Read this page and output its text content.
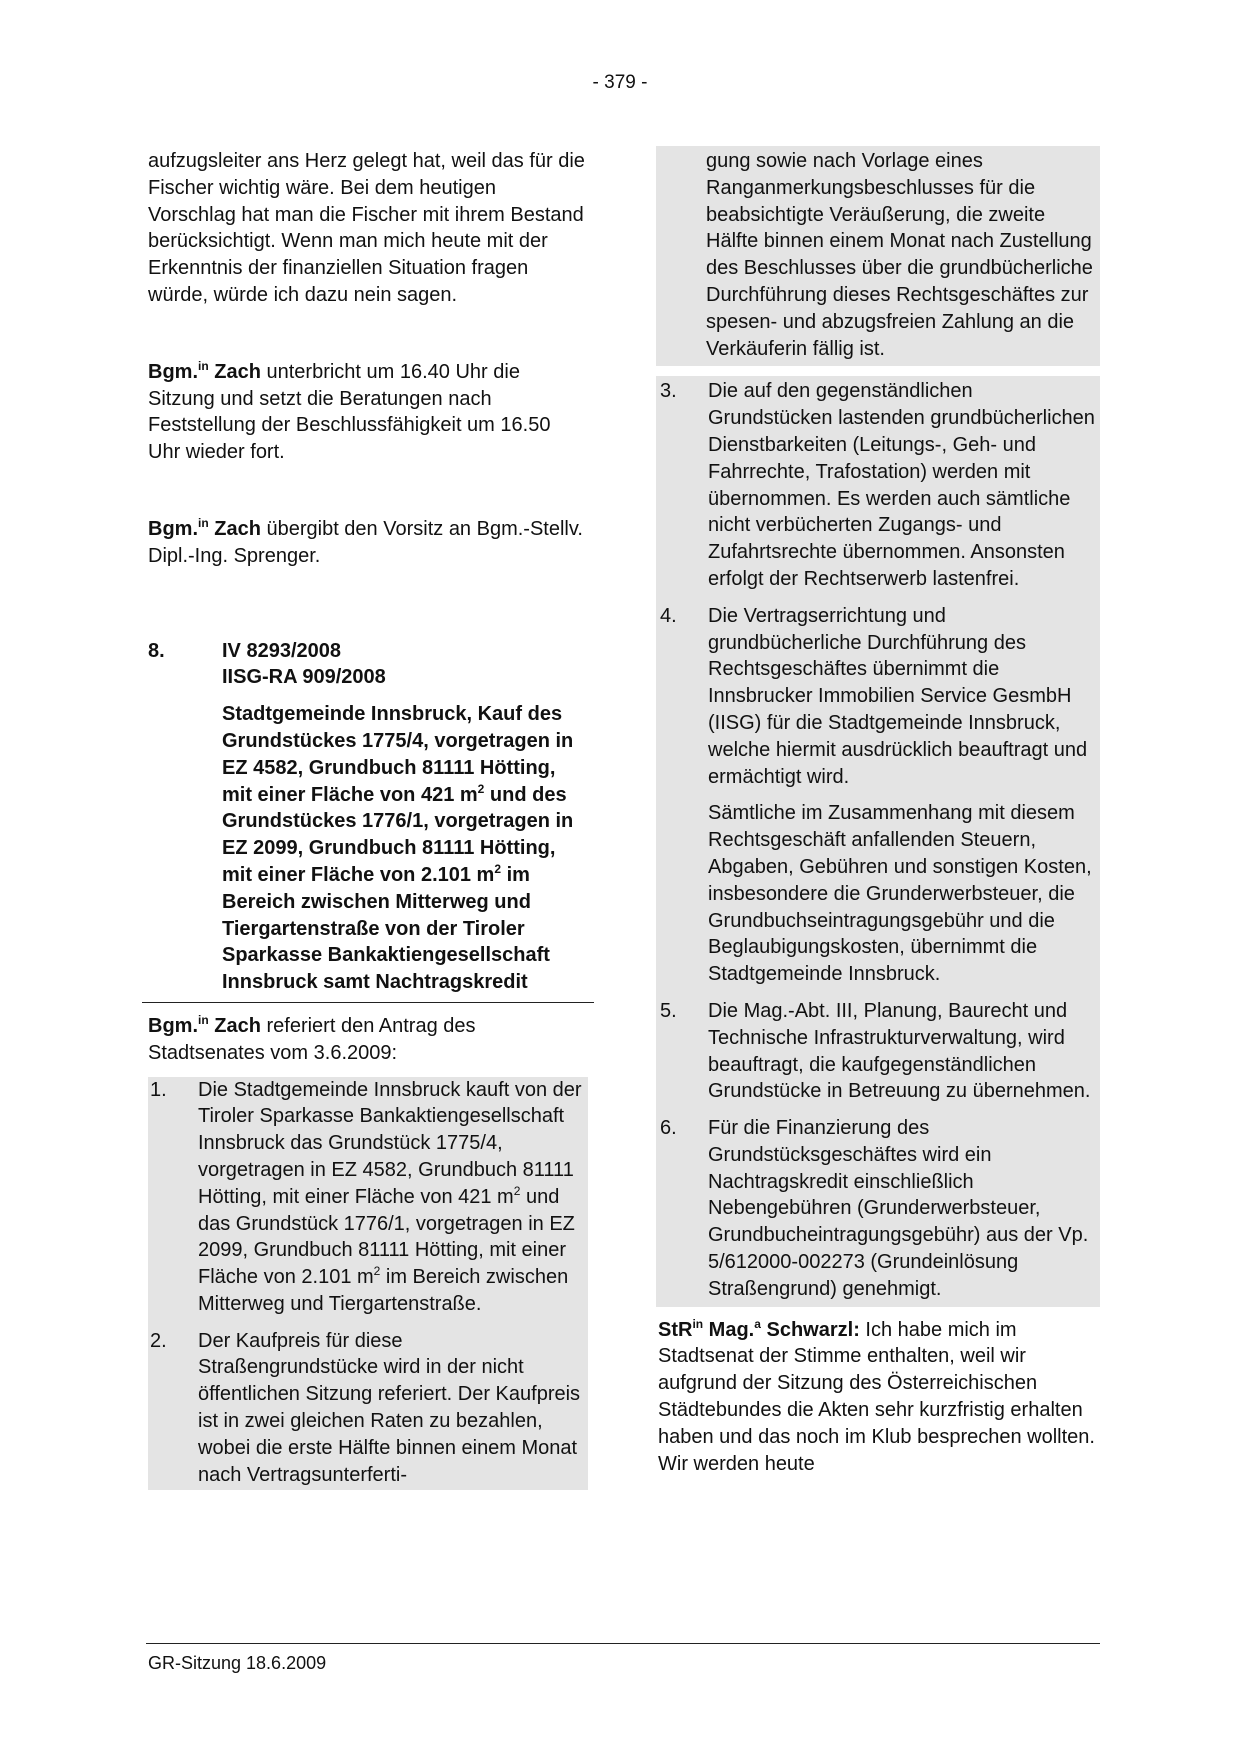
- 379 -

aufzugsleiter ans Herz gelegt hat, weil das für die Fischer wichtig wäre. Bei dem heutigen Vorschlag hat man die Fischer mit ihrem Bestand berücksichtigt. Wenn man mich heute mit der Erkenntnis der finanziellen Situation fragen würde, würde ich dazu nein sagen.

Bgm.$^{in}$ Zach unterbricht um 16.40 Uhr die Sitzung und setzt die Beratungen nach Feststellung der Beschlussfähigkeit um 16.50 Uhr wieder fort.

Bgm.$^{in}$ Zach übergibt den Vorsitz an Bgm.-Stellv. Dipl.-Ing. Sprenger.

8.	IV 8293/2008
IISG-RA 909/2008
Stadtgemeinde Innsbruck, Kauf des Grundstückes 1775/4, vorgetragen in EZ 4582, Grundbuch 81111 Hötting, mit einer Fläche von 421 $m^2$ und des Grundstückes 1776/1, vorgetragen in EZ 2099, Grundbuch 81111 Hötting, mit einer Fläche von 2.101 $m^2$ im Bereich zwischen Mitterweg und Tiergartenstraße von der Tiroler Sparkasse Bankaktiengesellschaft Innsbruck samt Nachtragskredit

Bgm.$^{in}$ Zach referiert den Antrag des Stadtsenates vom 3.6.2009:

1.	Die Stadtgemeinde Innsbruck kauft von der Tiroler Sparkasse Bankaktiengesellschaft Innsbruck das Grundstück 1775/4, vorgetragen in EZ 4582, Grundbuch 81111 Hötting, mit einer Fläche von 421 $m^2$ und das Grundstück 1776/1, vorgetragen in EZ 2099, Grundbuch 81111 Hötting, mit einer Fläche von 2.101 $m^2$ im Bereich zwischen Mitterweg und Tiergartenstraße.
2.	Der Kaufpreis für diese Straßengrundstücke wird in der nicht öffentlichen Sitzung referiert. Der Kaufpreis ist in zwei gleichen Raten zu bezahlen, wobei die erste Hälfte binnen einem Monat nach Vertragsunterferti-
gung sowie nach Vorlage eines Ranganmerkungsbeschlusses für die beabsichtigte Veräußerung, die zweite Hälfte binnen einem Monat nach Zustellung des Beschlusses über die grundbücherliche Durchführung dieses Rechtsgeschäftes zur spesen- und abzugsfreien Zahlung an die Verkäuferin fällig ist.
3.	Die auf den gegenständlichen Grundstücken lastenden grundbücherlichen Dienstbarkeiten (Leitungs-, Geh- und Fahrrechte, Trafostation) werden mit übernommen. Es werden auch sämtliche nicht verbücherten Zugangs- und Zufahrtsrechte übernommen. Ansonsten erfolgt der Rechtserwerb lastenfrei.
4.	Die Vertragserrichtung und grundbücherliche Durchführung des Rechtsgeschäftes übernimmt die Innsbrucker Immobilien Service GesmbH (IISG) für die Stadtgemeinde Innsbruck, welche hiermit ausdrücklich beauftragt und ermächtigt wird.
Sämtliche im Zusammenhang mit diesem Rechtsgeschäft anfallenden Steuern, Abgaben, Gebühren und sonstigen Kosten, insbesondere die Grunderwerbsteuer, die Grundbuchseintragungsgebühr und die Beglaubigungskosten, übernimmt die Stadtgemeinde Innsbruck.
5.	Die Mag.-Abt. III, Planung, Baurecht und Technische Infrastrukturverwaltung, wird beauftragt, die kaufgegenständlichen Grundstücke in Betreuung zu übernehmen.
6.	Für die Finanzierung des Grundstücksgeschäftes wird ein Nachtragskredit einschließlich Nebengebühren (Grunderwerbsteuer, Grundbucheintragungsgebühr) aus der Vp. 5/612000-002273 (Grundeinlösung Straßengrund) genehmigt.

StR$^{in}$ Mag.$^a$ Schwarzl: Ich habe mich im Stadtsenat der Stimme enthalten, weil wir aufgrund der Sitzung des Österreichischen Städtebundes die Akten sehr kurzfristig erhalten haben und das noch im Klub besprechen wollten. Wir werden heute

GR-Sitzung 18.6.2009
